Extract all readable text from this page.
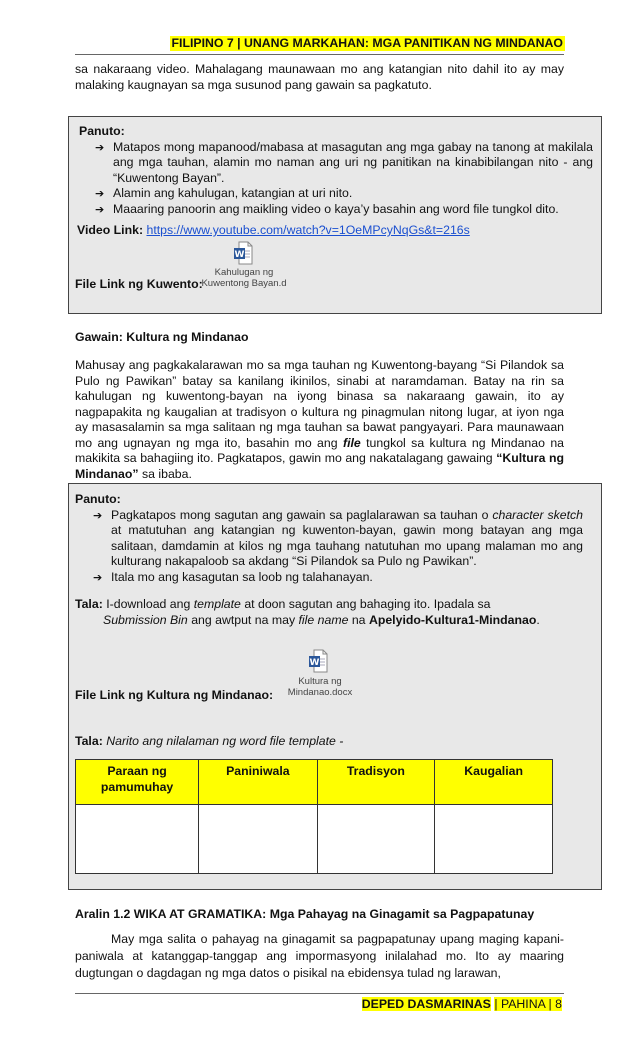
FILIPINO 7 | UNANG MARKAHAN: MGA PANITIKAN NG MINDANAO
sa nakaraang video. Mahalagang maunawaan mo ang katangian nito dahil ito ay may malaking kaugnayan sa mga susunod pang gawain sa pagkatuto.
Panuto:
➔ Matapos mong mapanood/mabasa at masagutan ang mga gabay na tanong at makilala ang mga tauhan, alamin mo naman ang uri ng panitikan na kinabibilangan nito - ang “Kuwentong Bayan”.
➔ Alamin ang kahulugan, katangian at uri nito.
➔ Maaaring panoorin ang maikling video o kaya’y basahin ang word file tungkol dito.
Video Link: https://www.youtube.com/watch?v=1OeMPcyNqGs&t=216s
File Link ng Kuwento:
W
Kahulugan ng
Kuwentong Bayan.d
Gawain: Kultura ng Mindanao
Mahusay ang pagkakalarawan mo sa mga tauhan ng Kuwentong-bayang “Si Pilandok sa Pulo ng Pawikan” batay sa kanilang ikinilos, sinabi at naramdaman. Batay na rin sa kahulugan ng kuwentong-bayan na iyong binasa sa nakaraang gawain, ito ay nagpapakita ng kaugalian at tradisyon o kultura ng pinagmulan nitong lugar, at iyon nga ay masasalamin sa mga salitaan ng mga tauhan sa bawat pangyayari. Para maunawaan mo ang ugnayan ng mga ito, basahin mo ang file tungkol sa kultura ng Mindanao na makikita sa bahagiing ito. Pagkatapos, gawin mo ang nakatalagang gawaing “Kultura ng Mindanao” sa ibaba.
Panuto:
➔ Pagkatapos mong sagutan ang gawain sa paglalarawan sa tauhan o character sketch at matutuhan ang katangian ng kuwenton-bayan, gawin mong batayan ang mga salitaan, damdamin at kilos ng mga tauhang natutuhan mo upang malaman mo ang kulturang nakapaloob sa akdang “Si Pilandok sa Pulo ng Pawikan”.
➔ Itala mo ang kasagutan sa loob ng talahanayan.
Tala: I-download ang template at doon sagutan ang bahaging ito. Ipadala sa
Submission Bin ang awtput na may file name na Apelyido-Kultura1-Mindanao.
File Link ng Kultura ng Mindanao:
W
Kultura ng
Mindanao.docx
Tala: Narito ang nilalaman ng word file template -
Paraan ng pamumuhay	Paniniwala	Tradisyon	Kaugalian

Aralin 1.2 WIKA AT GRAMATIKA: Mga Pahayag na Ginagamit sa Pagpapatunay
May mga salita o pahayag na ginagamit sa pagpapatunay upang maging kapani-paniwala at katanggap-tanggap ang impormasyong inilalahad mo. Ito ay maaring dugtungan o dagdagan ng mga datos o pisikal na ebidensya tulad ng larawan,
DEPED DASMARINAS | PAHINA | 8
